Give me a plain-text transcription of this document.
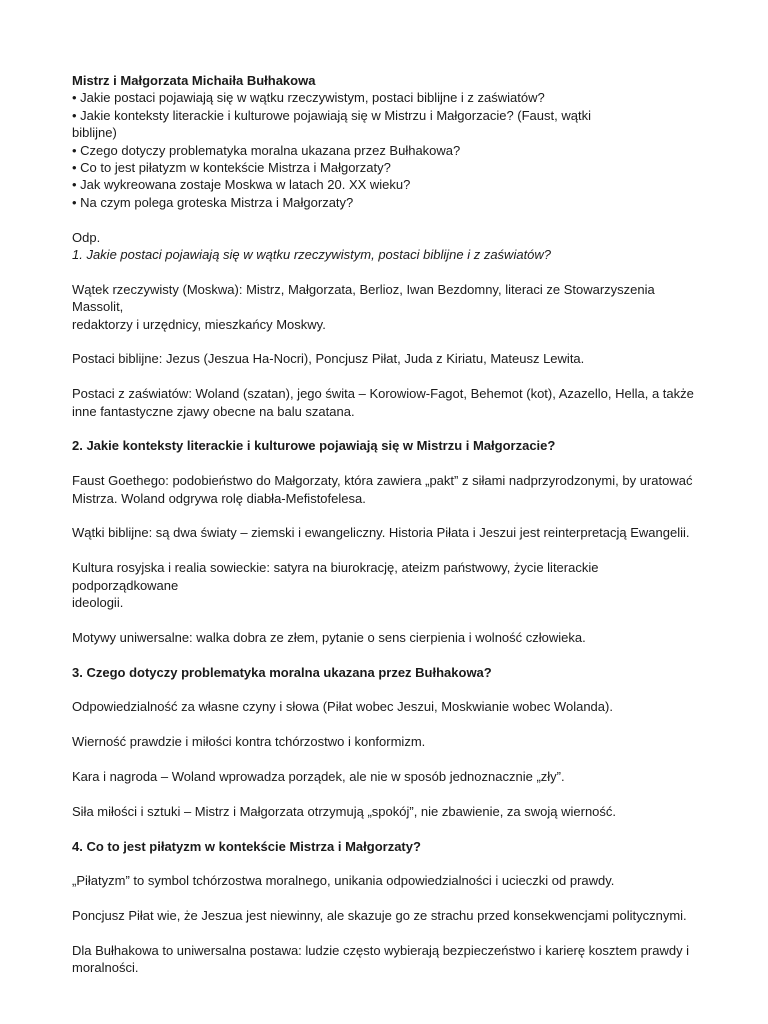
Mistrz i Małgorzata Michaiła Bułhakowa
• Jakie postaci pojawiają się w wątku rzeczywistym, postaci biblijne i z zaświatów?
• Jakie konteksty literackie i kulturowe pojawiają się w Mistrzu i Małgorzacie? (Faust, wątki
biblijne)
• Czego dotyczy problematyka moralna ukazana przez Bułhakowa?
• Co to jest piłatyzm w kontekście Mistrza i Małgorzaty?
• Jak wykreowana zostaje Moskwa w latach 20. XX wieku?
• Na czym polega groteska Mistrza i Małgorzaty?
Odp.
1. Jakie postaci pojawiają się w wątku rzeczywistym, postaci biblijne i z zaświatów?
Wątek rzeczywisty (Moskwa): Mistrz, Małgorzata, Berlioz, Iwan Bezdomny, literaci ze Stowarzyszenia Massolit,
redaktorzy i urzędnicy, mieszkańcy Moskwy.
Postaci biblijne: Jezus (Jeszua Ha-Nocri), Poncjusz Piłat, Juda z Kiriatu, Mateusz Lewita.
Postaci z zaświatów: Woland (szatan), jego świta – Korowiow-Fagot, Behemot (kot), Azazello, Hella, a także
inne fantastyczne zjawy obecne na balu szatana.
2. Jakie konteksty literackie i kulturowe pojawiają się w Mistrzu i Małgorzacie?
Faust Goethego: podobieństwo do Małgorzaty, która zawiera „pakt” z siłami nadprzyrodzonymi, by uratować
Mistrza. Woland odgrywa rolę diabła-Mefistofelesa.
Wątki biblijne: są dwa światy – ziemski i ewangeliczny. Historia Piłata i Jeszui jest reinterpretacją Ewangelii.
Kultura rosyjska i realia sowieckie: satyra na biurokrację, ateizm państwowy, życie literackie podporządkowane
ideologii.
Motywy uniwersalne: walka dobra ze złem, pytanie o sens cierpienia i wolność człowieka.
3. Czego dotyczy problematyka moralna ukazana przez Bułhakowa?
Odpowiedzialność za własne czyny i słowa (Piłat wobec Jeszui, Moskwianie wobec Wolanda).
Wierność prawdzie i miłości kontra tchórzostwo i konformizm.
Kara i nagroda – Woland wprowadza porządek, ale nie w sposób jednoznacznie „zły”.
Siła miłości i sztuki – Mistrz i Małgorzata otrzymują „spokój”, nie zbawienie, za swoją wierność.
4. Co to jest piłatyzm w kontekście Mistrza i Małgorzaty?
„Piłatyzm” to symbol tchórzostwa moralnego, unikania odpowiedzialności i ucieczki od prawdy.
Poncjusz Piłat wie, że Jeszua jest niewinny, ale skazuje go ze strachu przed konsekwencjami politycznymi.
Dla Bułhakowa to uniwersalna postawa: ludzie często wybierają bezpieczeństwo i karierę kosztem prawdy i
moralności.
